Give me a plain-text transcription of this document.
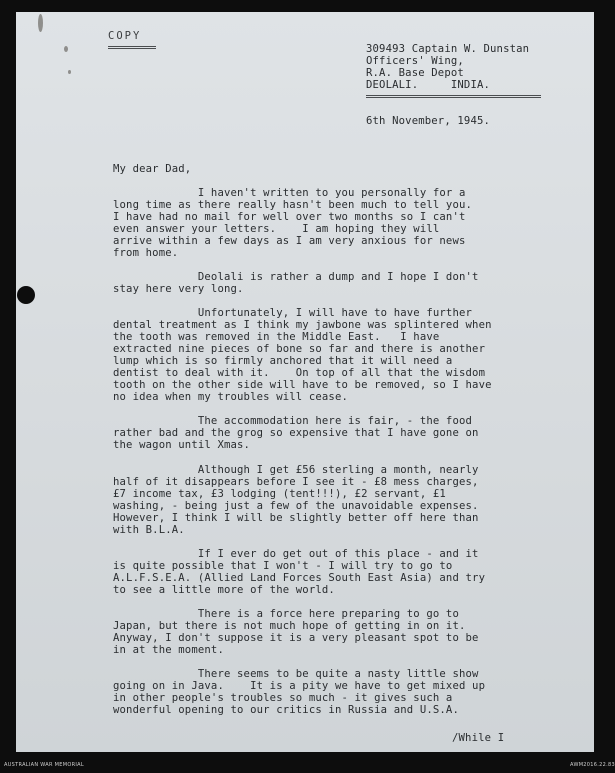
COPY
309493 Captain W. Dunstan
Officers' Wing,
R.A. Base Depot
DEOLALI.     INDIA.
6th November, 1945.
My dear Dad,
I haven't written to you personally for a
long time as there really hasn't been much to tell you.
I have had no mail for well over two months so I can't
even answer your letters.    I am hoping they will
arrive within a few days as I am very anxious for news
from home.
Deolali is rather a dump and I hope I don't
stay here very long.
Unfortunately, I will have to have further
dental treatment as I think my jawbone was splintered when
the tooth was removed in the Middle East.   I have
extracted nine pieces of bone so far and there is another
lump which is so firmly anchored that it will need a
dentist to deal with it.    On top of all that the wisdom
tooth on the other side will have to be removed, so I have
no idea when my troubles will cease.
The accommodation here is fair, - the food
rather bad and the grog so expensive that I have gone on
the wagon until Xmas.
Although I get £56 sterling a month, nearly
half of it disappears before I see it - £8 mess charges,
£7 income tax, £3 lodging (tent!!!), £2 servant, £1
washing, - being just a few of the unavoidable expenses.
However, I think I will be slightly better off here than
with B.L.A.
If I ever do get out of this place - and it
is quite possible that I won't - I will try to go to
A.L.F.S.E.A. (Allied Land Forces South East Asia) and try
to see a little more of the world.
There is a force here preparing to go to
Japan, but there is not much hope of getting in on it.
Anyway, I don't suppose it is a very pleasant spot to be
in at the moment.
There seems to be quite a nasty little show
going on in Java.    It is a pity we have to get mixed up
in other people's troubles so much - it gives such a
wonderful opening to our critics in Russia and U.S.A.
/While I
AUSTRALIAN WAR MEMORIAL	AWM2016.22.83
